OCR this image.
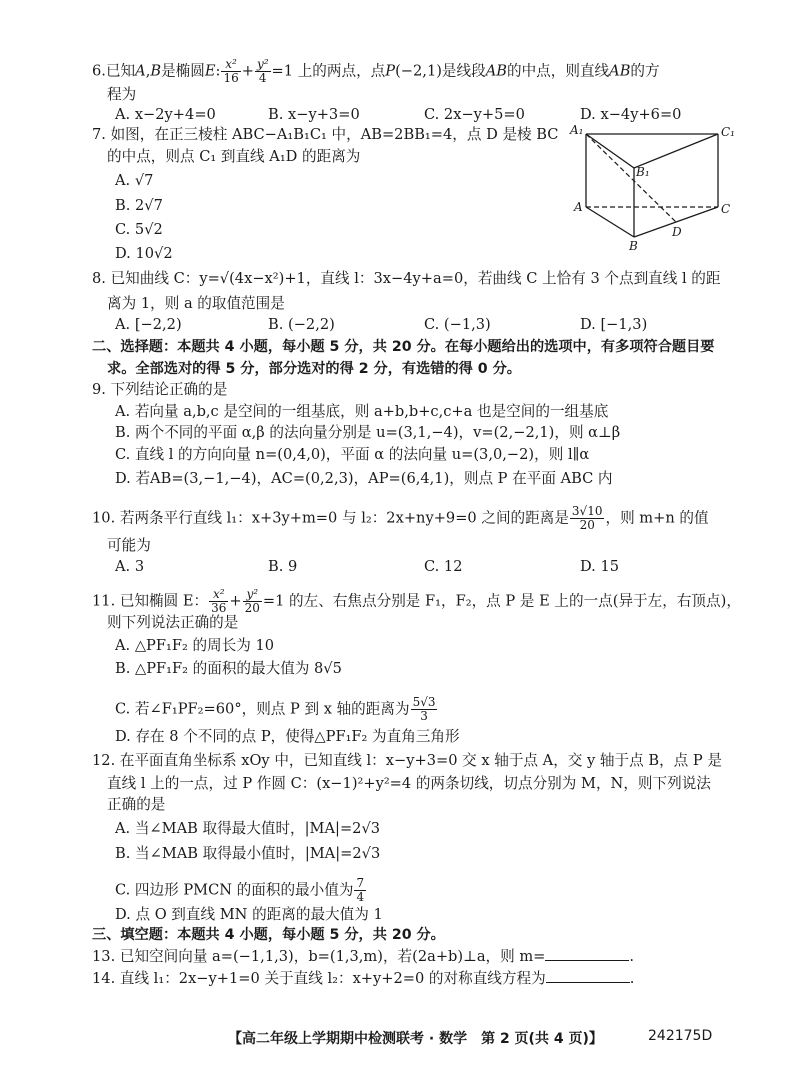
6.已知A,B是椭圆E: $\frac{\text{x²}}{16} + \frac{\text{y²}}{4} =1$ 上的两点，点P(−2,1)是线段AB的中点，则直线AB的方
程为
A. x−2y+4=0	B. x−y+3=0	C. 2x−y+5=0	D. x−4y+6=0
7. 如图，在正三棱柱 ABC−A₁B₁C₁ 中，AB=2BB₁=4，点 D 是棱 BC
的中点，则点 C₁ 到直线 A₁D 的距离为
A. √7
B. 2√7
C. 5√2
D. 10√2
A₁	C₁
B₁
A	C
B
D
8. 已知曲线 C：y=√(4x−x²)+1，直线 l：3x−4y+a=0，若曲线 C 上恰有 3 个点到直线 l 的距
离为 1，则 a 的取值范围是
A. [−2,2)	B. (−2,2)	C. (−1,3)	D. [−1,3)
二、选择题：本题共 4 小题，每小题 5 分，共 20 分。在每小题给出的选项中，有多项符合题目要
求。全部选对的得 5 分，部分选对的得 2 分，有选错的得 0 分。
9. 下列结论正确的是
A. 若向量 a,b,c 是空间的一组基底，则 a+b,b+c,c+a 也是空间的一组基底
B. 两个不同的平面 α,β 的法向量分别是 u=(3,1,−4)，v=(2,−2,1)，则 α⊥β
C. 直线 l 的方向向量 n=(0,4,0)，平面 α 的法向量 u=(3,0,−2)，则 l∥α
D. 若AB=(3,−1,−4)，AC=(0,2,3)，AP=(6,4,1)，则点 P 在平面 ABC 内
10. 若两条平行直线 l₁：x+3y+m=0 与 l₂：2x+ny+9=0 之间的距离是 $\frac{3√10}{20}$ ，则 m+n 的值
可能为
A. 3	B. 9	C. 12	D. 15
11. 已知椭圆 E： $\frac{\text{x²}}{36} + \frac{\text{y²}}{20} =1$ 的左、右焦点分别是 F₁，F₂，点 P 是 E 上的一点(异于左，右顶点)，
则下列说法正确的是
A. △PF₁F₂ 的周长为 10
B. △PF₁F₂ 的面积的最大值为 8√5
C. 若∠F₁PF₂=60°，则点 P 到 x 轴的距离为 $\frac{5√3}{3}$
D. 存在 8 个不同的点 P，使得△PF₁F₂ 为直角三角形
12. 在平面直角坐标系 xOy 中，已知直线 l：x−y+3=0 交 x 轴于点 A，交 y 轴于点 B，点 P 是
直线 l 上的一点，过 P 作圆 C：(x−1)²+y²=4 的两条切线，切点分别为 M，N，则下列说法
正确的是
A. 当∠MAB 取得最大值时，|MA|=2√3
B. 当∠MAB 取得最小值时，|MA|=2√3
C. 四边形 PMCN 的面积的最小值为 $\frac{7}{4}$
D. 点 O 到直线 MN 的距离的最大值为 1
三、填空题：本题共 4 小题，每小题 5 分，共 20 分。
13. 已知空间向量 a=(−1,1,3)，b=(1,3,m)，若(2a+b)⊥a，则 m=	.
14. 直线 l₁：2x−y+1=0 关于直线 l₂：x+y+2=0 的对称直线方程为	.
【高二年级上学期期中检测联考 · 数学　第 2 页(共 4 页)】	242175D
